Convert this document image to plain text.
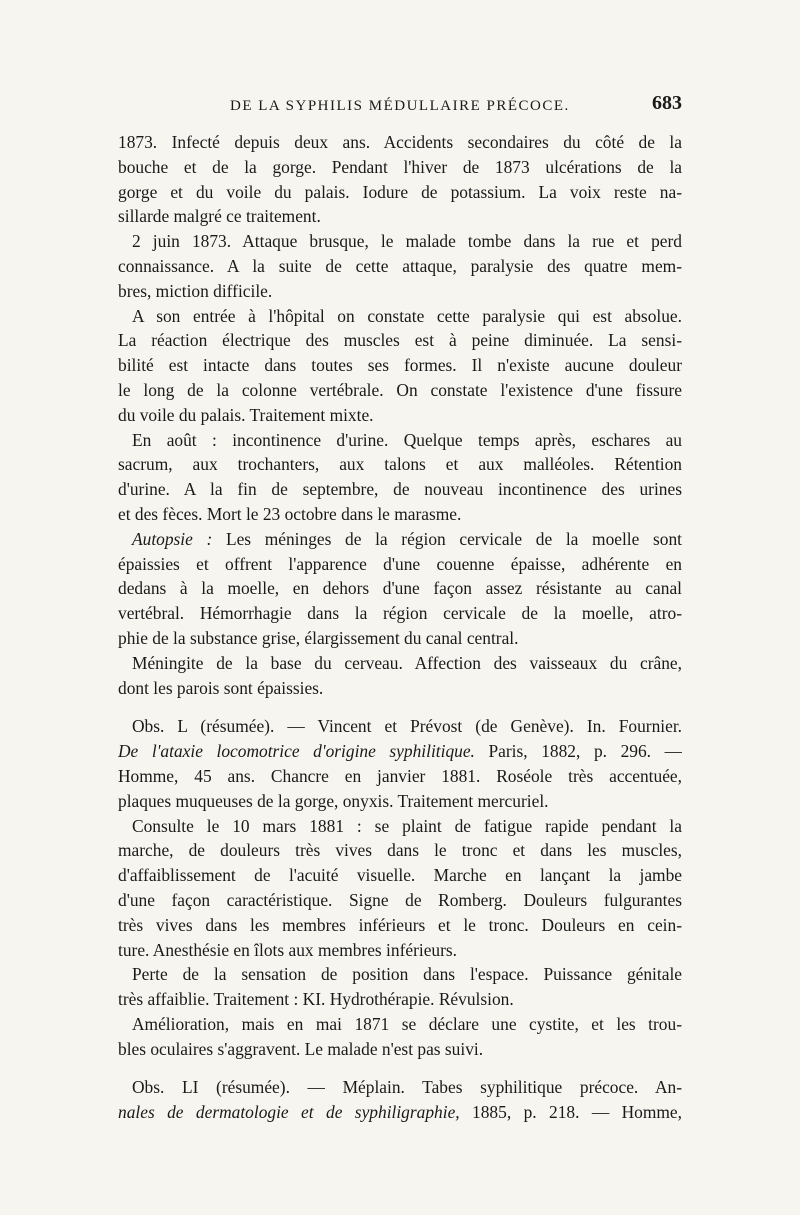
DE LA SYPHILIS MÉDULLAIRE PRÉCOCE.	683
1873. Infecté depuis deux ans. Accidents secondaires du côté de la
bouche et de la gorge. Pendant l'hiver de 1873 ulcérations de la
gorge et du voile du palais. Iodure de potassium. La voix reste na-
sillarde malgré ce traitement.
2 juin 1873. Attaque brusque, le malade tombe dans la rue et perd
connaissance. A la suite de cette attaque, paralysie des quatre mem-
bres, miction difficile.
A son entrée à l'hôpital on constate cette paralysie qui est absolue.
La réaction électrique des muscles est à peine diminuée. La sensi-
bilité est intacte dans toutes ses formes. Il n'existe aucune douleur
le long de la colonne vertébrale. On constate l'existence d'une fissure
du voile du palais. Traitement mixte.
En août : incontinence d'urine. Quelque temps après, eschares au
sacrum, aux trochanters, aux talons et aux malléoles. Rétention
d'urine. A la fin de septembre, de nouveau incontinence des urines
et des fèces. Mort le 23 octobre dans le marasme.
Autopsie : Les méninges de la région cervicale de la moelle sont
épaissies et offrent l'apparence d'une couenne épaisse, adhérente en
dedans à la moelle, en dehors d'une façon assez résistante au canal
vertébral. Hémorrhagie dans la région cervicale de la moelle, atro-
phie de la substance grise, élargissement du canal central.
Méningite de la base du cerveau. Affection des vaisseaux du crâne,
dont les parois sont épaissies.
Obs. L (résumée). — Vincent et Prévost (de Genève). In. Fournier.
De l'ataxie locomotrice d'origine syphilitique. Paris, 1882, p. 296. —
Homme, 45 ans. Chancre en janvier 1881. Roséole très accentuée,
plaques muqueuses de la gorge, onyxis. Traitement mercuriel.
Consulte le 10 mars 1881 : se plaint de fatigue rapide pendant la
marche, de douleurs très vives dans le tronc et dans les muscles,
d'affaiblissement de l'acuité visuelle. Marche en lançant la jambe
d'une façon caractéristique. Signe de Romberg. Douleurs fulgurantes
très vives dans les membres inférieurs et le tronc. Douleurs en cein-
ture. Anesthésie en îlots aux membres inférieurs.
Perte de la sensation de position dans l'espace. Puissance génitale
très affaiblie. Traitement : KI. Hydrothérapie. Révulsion.
Amélioration, mais en mai 1871 se déclare une cystite, et les trou-
bles oculaires s'aggravent. Le malade n'est pas suivi.
Obs. LI (résumée). — Méplain. Tabes syphilitique précoce. An-
nales de dermatologie et de syphiligraphie, 1885, p. 218. — Homme,
